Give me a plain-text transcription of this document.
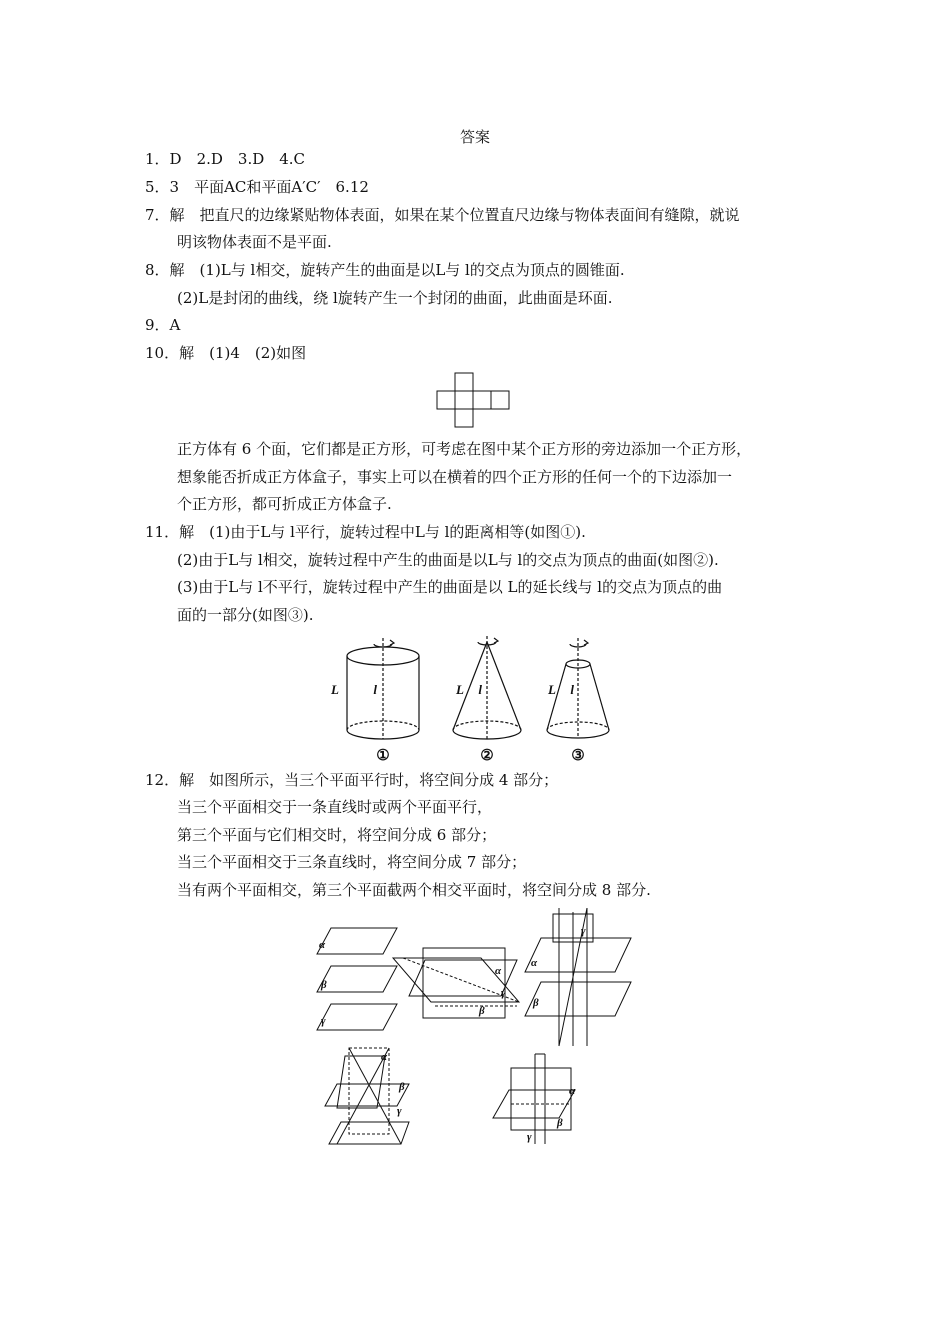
答案
1．D　2.D　3.D　4.C
5．3　平面AC和平面A′C′　6.12
7．解　把直尺的边缘紧贴物体表面，如果在某个位置直尺边缘与物体表面间有缝隙，就说
明该物体表面不是平面.
8．解　(1)L与 l相交，旋转产生的曲面是以L与 l的交点为顶点的圆锥面.
(2)L是封闭的曲线，绕 l旋转产生一个封闭的曲面，此曲面是环面.
9．A
10．解　(1)4　(2)如图
正方体有 6 个面，它们都是正方形，可考虑在图中某个正方形的旁边添加一个正方形，
想象能否折成正方体盒子，事实上可以在横着的四个正方形的任何一个的下边添加一
个正方形，都可折成正方体盒子.
11．解　(1)由于L与 l平行，旋转过程中L与 l的距离相等(如图①).
(2)由于L与 l相交，旋转过程中产生的曲面是以L与 l的交点为顶点的曲面(如图②).
(3)由于L与 l不平行，旋转过程中产生的曲面是以 L的延长线与 l的交点为顶点的曲
面的一部分(如图③).
L	l	L l	L l
①	②	③
12．解　如图所示，当三个平面平行时，将空间分成 4 部分；
当三个平面相交于一条直线时或两个平面平行，
第三个平面与它们相交时，将空间分成 6 部分；
当三个平面相交于三条直线时，将空间分成 7 部分；
当有两个平面相交，第三个平面截两个相交平面时，将空间分成 8 部分.
α
β
γ
α
γ
β
γ
α
β
α
β
γ
α
β
γ
